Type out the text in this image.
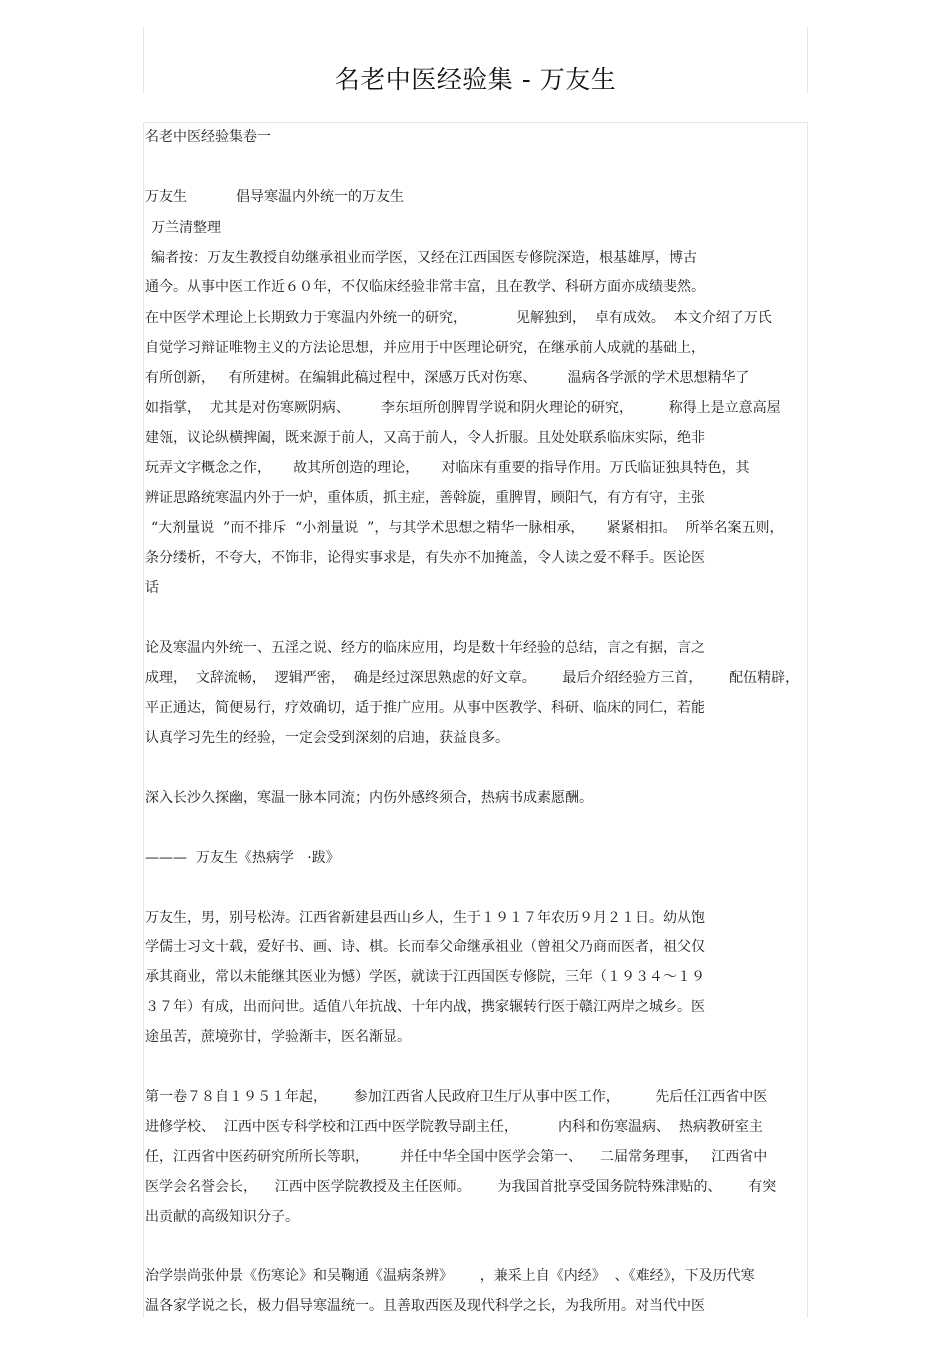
名老中医经验集 - 万友生
名老中医经验集卷一
万友生           倡导寒温内外统一的万友生
万兰清整理
编者按：万友生教授自幼继承祖业而学医，又经在江西国医专修院深造，根基雄厚，博古
通今。从事中医工作近６０年，不仅临床经验非常丰富，且在教学、科研方面亦成绩斐然。
在中医学术理论上长期致力于寒温内外统一的研究，           见解独到，  卓有成效。  本文介绍了万氏
自觉学习辩证唯物主义的方法论思想，并应用于中医理论研究，在继承前人成就的基础上，
有所创新，   有所建树。在编辑此稿过程中，深感万氏对伤寒、       温病各学派的学术思想精华了
如指掌，  尤其是对伤寒厥阴病、       李东垣所创脾胃学说和阴火理论的研究，        称得上是立意高屋
建瓴，议论纵横捭阖，既来源于前人，又高于前人，令人折服。且处处联系临床实际，绝非
玩弄文字概念之作，     故其所创造的理论，     对临床有重要的指导作用。万氏临证独具特色，其
辨证思路统寒温内外于一炉，重体质，抓主症，善斡旋，重脾胃，顾阳气，有方有守，主张
“大剂量说  ”而不排斥  “小剂量说  ”，与其学术思想之精华一脉相承，     紧紧相扣。  所举名案五则，
条分缕析，不夸大，不饰非，论得实事求是，有失亦不加掩盖，令人读之爱不释手。医论医
话
论及寒温内外统一、五淫之说、经方的临床应用，均是数十年经验的总结，言之有据，言之
成理，  文辞流畅，  逻辑严密，  确是经过深思熟虑的好文章。      最后介绍经验方三首，      配伍精辟，
平正通达，简便易行，疗效确切，适于推广应用。从事中医教学、科研、临床的同仁，若能
认真学习先生的经验，一定会受到深刻的启迪，获益良多。
深入长沙久探幽，寒温一脉本同流；内伤外感终须合，热病书成素愿酬。
———  万友生《热病学   ·跋》
万友生，男，别号松涛。江西省新建县西山乡人，生于１９１７年农历９月２１日。幼从饱
学儒士习文十载，爱好书、画、诗、棋。长而奉父命继承祖业（曾祖父乃商而医者，祖父仅
承其商业，常以未能继其医业为憾）学医，就读于江西国医专修院，三年（１９３４～１９
３７年）有成，出而问世。适值八年抗战、十年内战，携家辗转行医于赣江两岸之城乡。医
途虽苦，蔗境弥甘，学验渐丰，医名渐显。
第一卷７８自１９５１年起，      参加江西省人民政府卫生厅从事中医工作，        先后任江西省中医
进修学校、  江西中医专科学校和江西中医学院教导副主任，         内科和伤寒温病、  热病教研室主
任，江西省中医药研究所所长等职，       并任中华全国中医学会第一、    二届常务理事，   江西省中
医学会名誉会长，    江西中医学院教授及主任医师。      为我国首批享受国务院特殊津贴的、      有突
出贡献的高级知识分子。
治学崇尚张仲景《伤寒论》和吴鞠通《温病条辨》      ，兼采上自《内经》  、《难经》，下及历代寒
温各家学说之长，极力倡导寒温统一。且善取西医及现代科学之长，为我所用。对当代中医
